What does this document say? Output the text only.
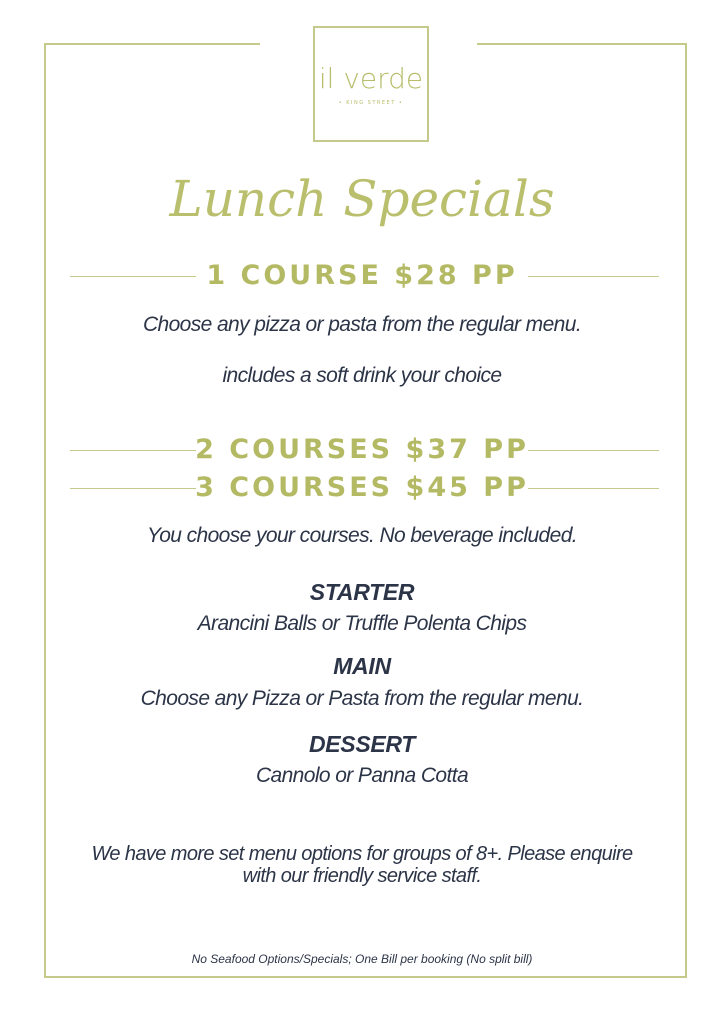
il verde
• KING STREET •
Lunch Specials
1 COURSE $28 PP
Choose any pizza or pasta from the regular menu.
includes a soft drink your choice
2 COURSES $37 PP
3 COURSES $45 PP
You choose your courses. No beverage included.
STARTER
Arancini Balls or Truffle Polenta Chips
MAIN
Choose any Pizza or Pasta from the regular menu.
DESSERT
Cannolo or Panna Cotta
We have more set menu options for groups of 8+. Please enquire
with our friendly service staff.
No Seafood Options/Specials; One Bill per booking (No split bill)
